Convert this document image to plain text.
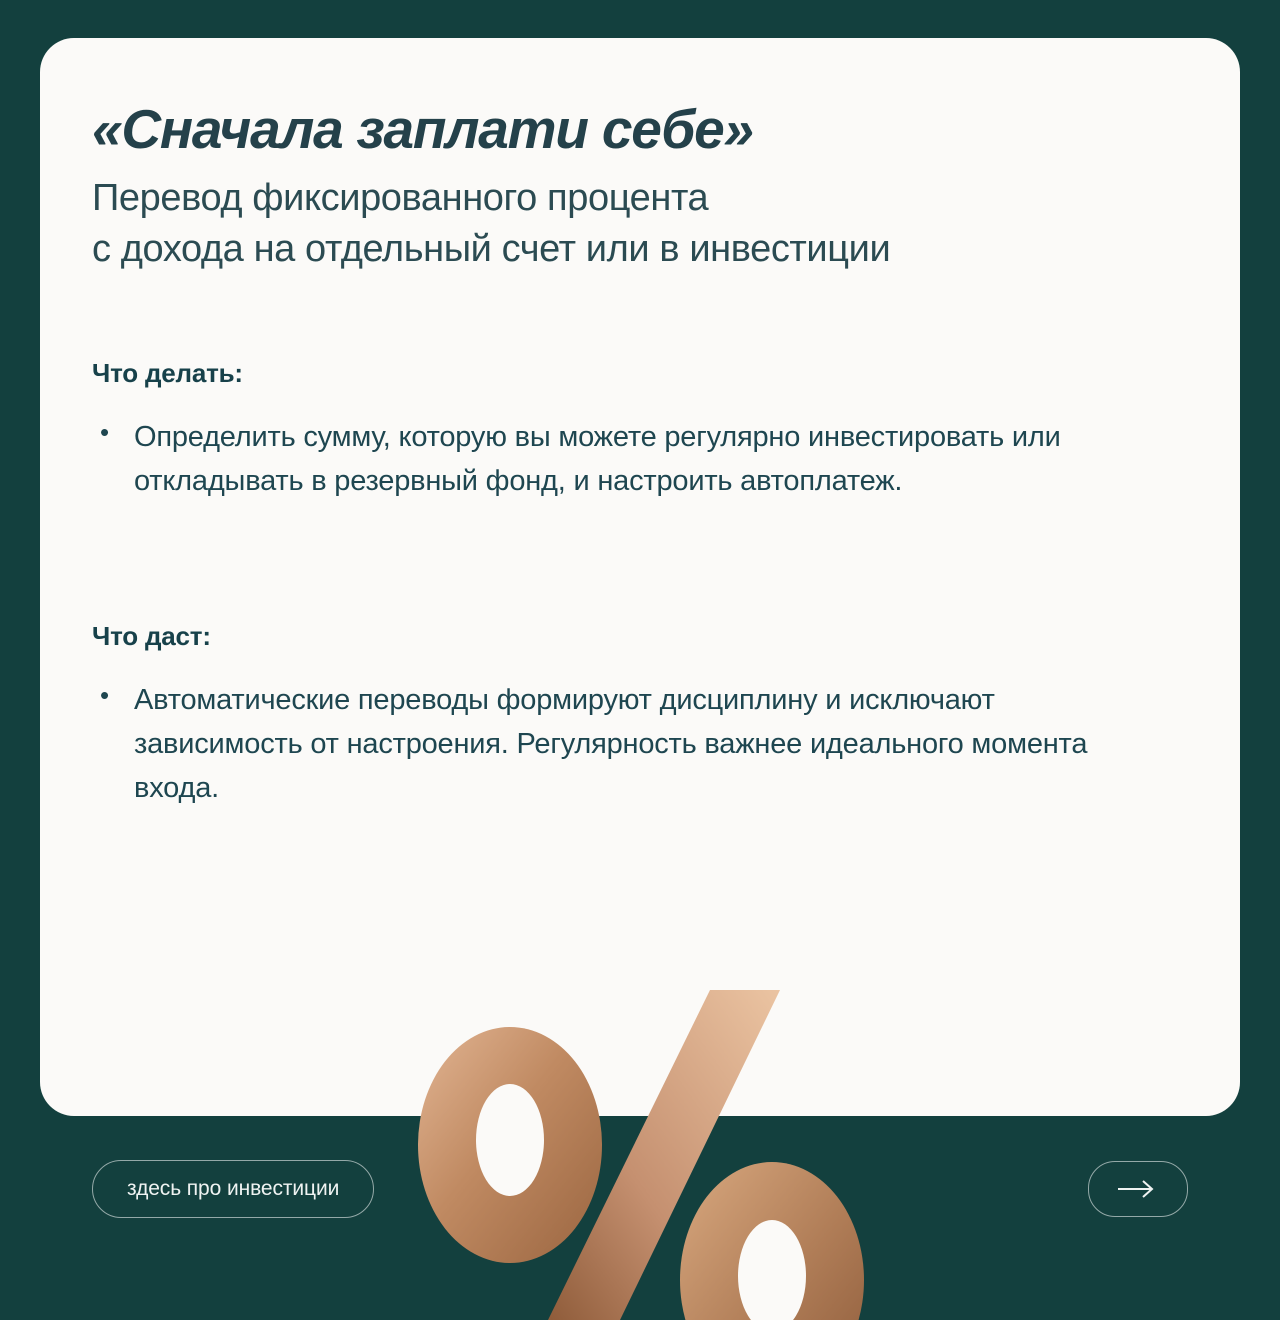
«Сначала заплати себе»

Перевод фиксированного процента
с дохода на отдельный счет или в инвестиции

Что делать:
• Определить сумму, которую вы можете регулярно инвестировать или откладывать в резервный фонд, и настроить автоплатеж.
Что даст:
• Автоматические переводы формируют дисциплину и исключают зависимость от настроения. Регулярность важнее идеального момента входа.
здесь про инвестиции
